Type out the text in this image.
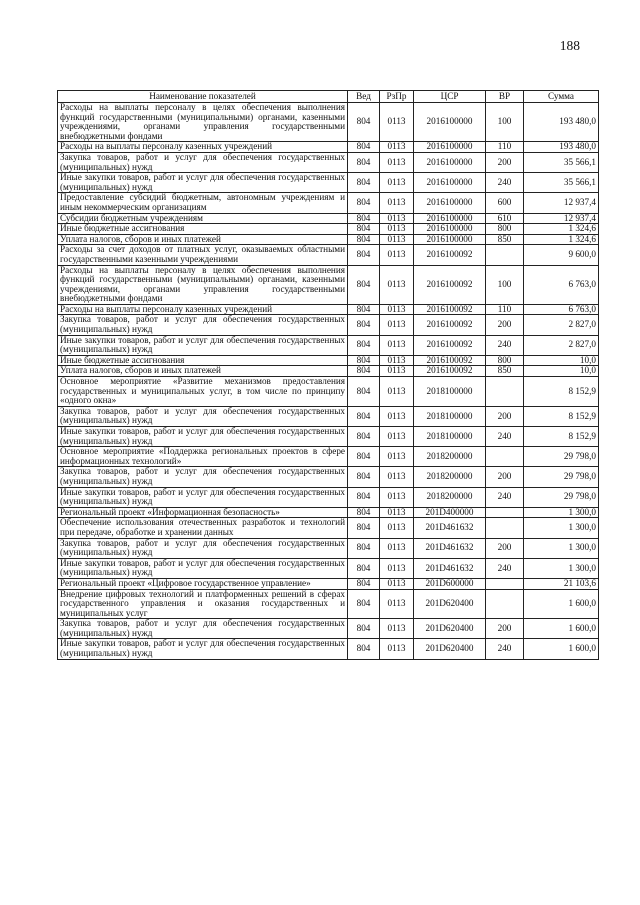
188
Наименование показателей	Вед	РзПр	ЦСР	ВР	Сумма
Расходы на выплаты персоналу в целях обеспечения выполнения функций государственными (муниципальными) органами, казенными учреждениями, органами управления государственными внебюджетными фондами	804	0113	2016100000	100	193 480,0
Расходы на выплаты персоналу казенных учреждений	804	0113	2016100000	110	193 480,0
Закупка товаров, работ и услуг для обеспечения государственных (муниципальных) нужд	804	0113	2016100000	200	35 566,1
Иные закупки товаров, работ и услуг для обеспечения государственных (муниципальных) нужд	804	0113	2016100000	240	35 566,1
Предоставление субсидий бюджетным, автономным учреждениям и иным некоммерческим организациям	804	0113	2016100000	600	12 937,4
Субсидии бюджетным учреждениям	804	0113	2016100000	610	12 937,4
Иные бюджетные ассигнования	804	0113	2016100000	800	1 324,6
Уплата налогов, сборов и иных платежей	804	0113	2016100000	850	1 324,6
Расходы за счет доходов от платных услуг, оказываемых областными государственными казенными учреждениями	804	0113	2016100092		9 600,0
Расходы на выплаты персоналу в целях обеспечения выполнения функций государственными (муниципальными) органами, казенными учреждениями, органами управления государственными внебюджетными фондами	804	0113	2016100092	100	6 763,0
Расходы на выплаты персоналу казенных учреждений	804	0113	2016100092	110	6 763,0
Закупка товаров, работ и услуг для обеспечения государственных (муниципальных) нужд	804	0113	2016100092	200	2 827,0
Иные закупки товаров, работ и услуг для обеспечения государственных (муниципальных) нужд	804	0113	2016100092	240	2 827,0
Иные бюджетные ассигнования	804	0113	2016100092	800	10,0
Уплата налогов, сборов и иных платежей	804	0113	2016100092	850	10,0
Основное мероприятие «Развитие механизмов предоставления государственных и муниципальных услуг, в том числе по принципу «одного окна»	804	0113	2018100000		8 152,9
Закупка товаров, работ и услуг для обеспечения государственных (муниципальных) нужд	804	0113	2018100000	200	8 152,9
Иные закупки товаров, работ и услуг для обеспечения государственных (муниципальных) нужд	804	0113	2018100000	240	8 152,9
Основное мероприятие «Поддержка региональных проектов в сфере информационных технологий»	804	0113	2018200000		29 798,0
Закупка товаров, работ и услуг для обеспечения государственных (муниципальных) нужд	804	0113	2018200000	200	29 798,0
Иные закупки товаров, работ и услуг для обеспечения государственных (муниципальных) нужд	804	0113	2018200000	240	29 798,0
Региональный проект «Информационная безопасность»	804	0113	201D400000		1 300,0
Обеспечение использования отечественных разработок и технологий при передаче, обработке и хранении данных	804	0113	201D461632		1 300,0
Закупка товаров, работ и услуг для обеспечения государственных (муниципальных) нужд	804	0113	201D461632	200	1 300,0
Иные закупки товаров, работ и услуг для обеспечения государственных (муниципальных) нужд	804	0113	201D461632	240	1 300,0
Региональный проект «Цифровое государственное управление»	804	0113	201D600000		21 103,6
Внедрение цифровых технологий и платформенных решений в сферах государственного управления и оказания государственных и муниципальных услуг	804	0113	201D620400		1 600,0
Закупка товаров, работ и услуг для обеспечения государственных (муниципальных) нужд	804	0113	201D620400	200	1 600,0
Иные закупки товаров, работ и услуг для обеспечения государственных (муниципальных) нужд	804	0113	201D620400	240	1 600,0
